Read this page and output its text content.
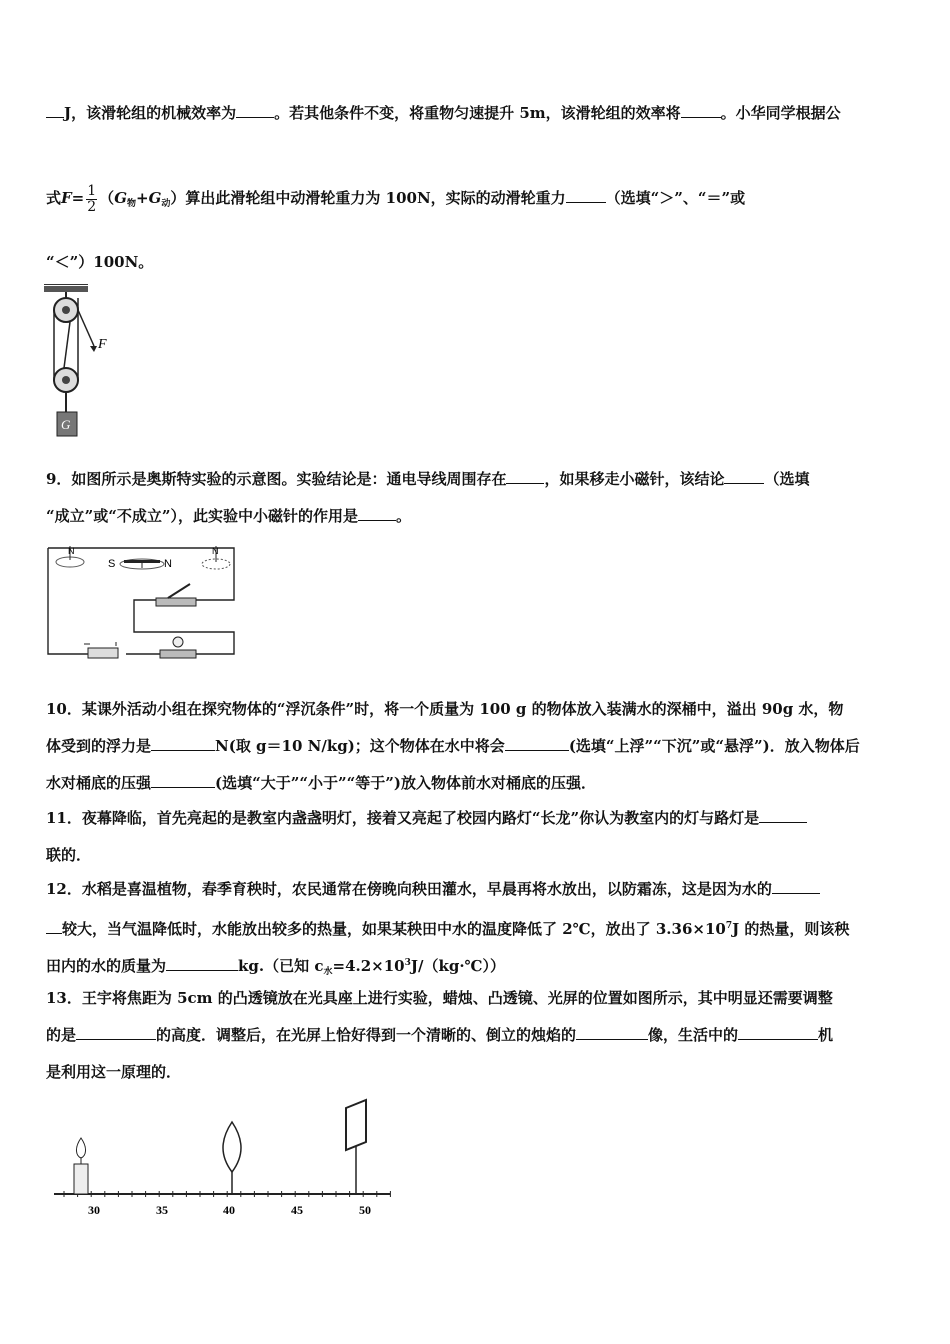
J，该滑轮组的机械效率为	。若其他条件不变，将重物匀速提升 5m，该滑轮组的效率将	。小华同学根据公
式$F= \frac{1}{2} (G_物+G_动)$算出此滑轮组中动滑轮重力为 100N，实际的动滑轮重力	（选填“＞”、“＝”或
“＜”）100N。
F
G
9．如图所示是奥斯特实验的示意图。实验结论是：通电导线周围存在	，如果移走小磁针，该结论	（选填
“成立”或“不成立”），此实验中小磁针的作用是	。
N
S	N
N
10．某课外活动小组在探究物体的“浮沉条件”时，将一个质量为 100 g 的物体放入装满水的深桶中，溢出 90g 水，物
体受到的浮力是	N(取 g＝10 N/kg)；这个物体在水中将会	(选填“上浮”“下沉”或“悬浮”)．放入物体后
水对桶底的压强	(选填“大于”“小于”“等于”)放入物体前水对桶底的压强．
11．夜幕降临，首先亮起的是教室内盏盏明灯，接着又亮起了校园内路灯“长龙”你认为教室内的灯与路灯是
联的．
12．水稻是喜温植物，春季育秧时，农民通常在傍晚向秧田灌水，早晨再将水放出，以防霜冻，这是因为水的
较大，当气温降低时，水能放出较多的热量，如果某秧田中水的温度降低了 2℃，放出了 $3.36\times 10^7J$ 的热量，则该秧
田内的水的质量为	kg.（已知 $c_水=4.2\times 10^3J/(kg\cdot℃)$）
13．王宇将焦距为 5cm 的凸透镜放在光具座上进行实验，蜡烛、凸透镜、光屏的位置如图所示，其中明显还需要调整
的是	的高度．调整后，在光屏上恰好得到一个清晰的、倒立的烛焰的	像，生活中的	机
是利用这一原理的．
30	35	40	45	50
